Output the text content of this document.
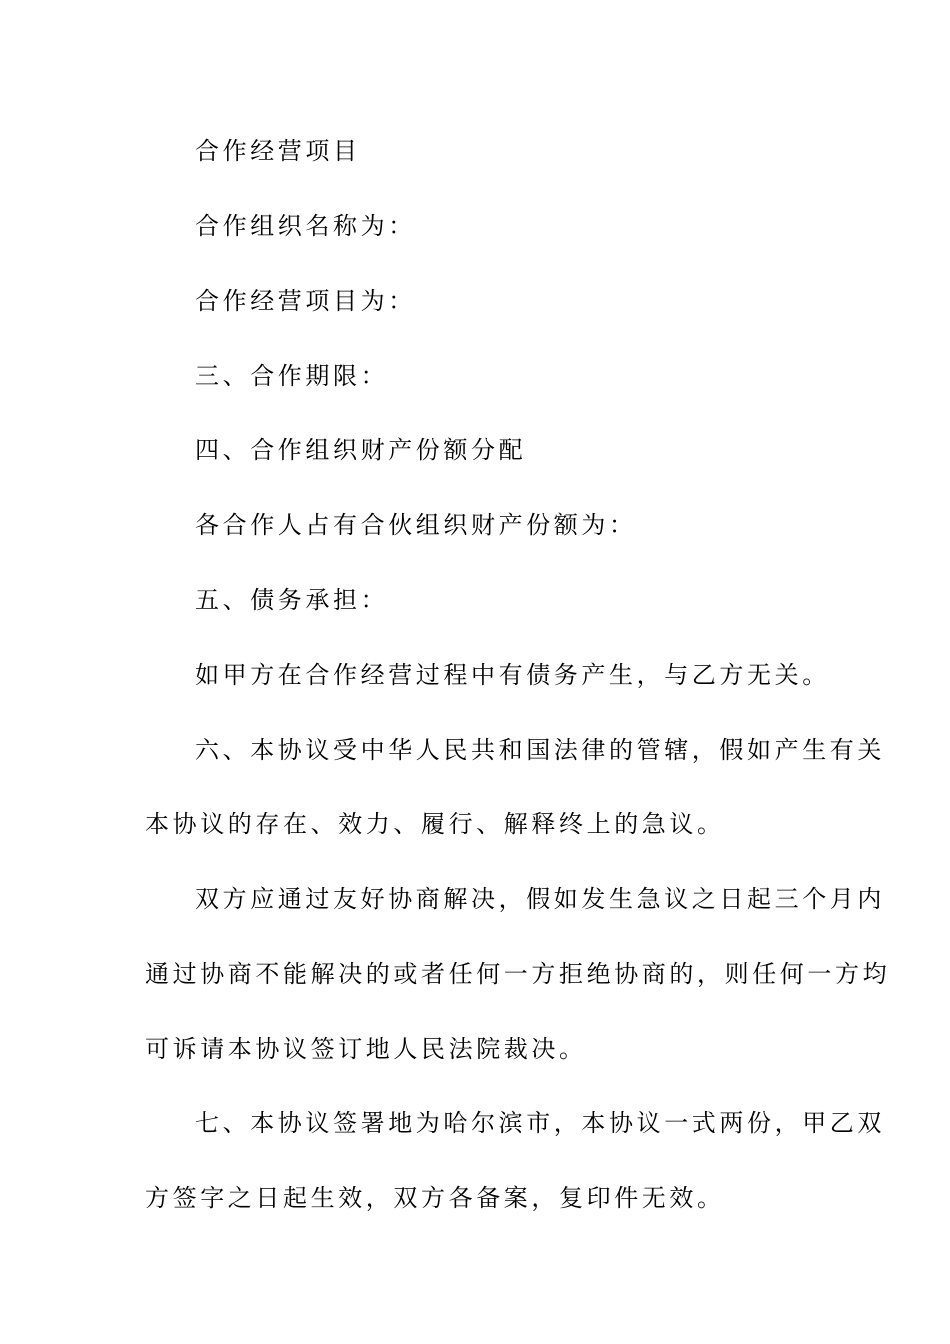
合作经营项目
合作组织名称为：
合作经营项目为：
三、合作期限：
四、合作组织财产份额分配
各合作人占有合伙组织财产份额为：
五、债务承担：
如甲方在合作经营过程中有债务产生，与乙方无关。
六、本协议受中华人民共和国法律的管辖，假如产生有关
本协议的存在、效力、履行、解释终上的急议。
双方应通过友好协商解决，假如发生急议之日起三个月内
通过协商不能解决的或者任何一方拒绝协商的，则任何一方均
可诉请本协议签订地人民法院裁决。
七、本协议签署地为哈尔滨市，本协议一式两份，甲乙双
方签字之日起生效，双方各备案，复印件无效。
